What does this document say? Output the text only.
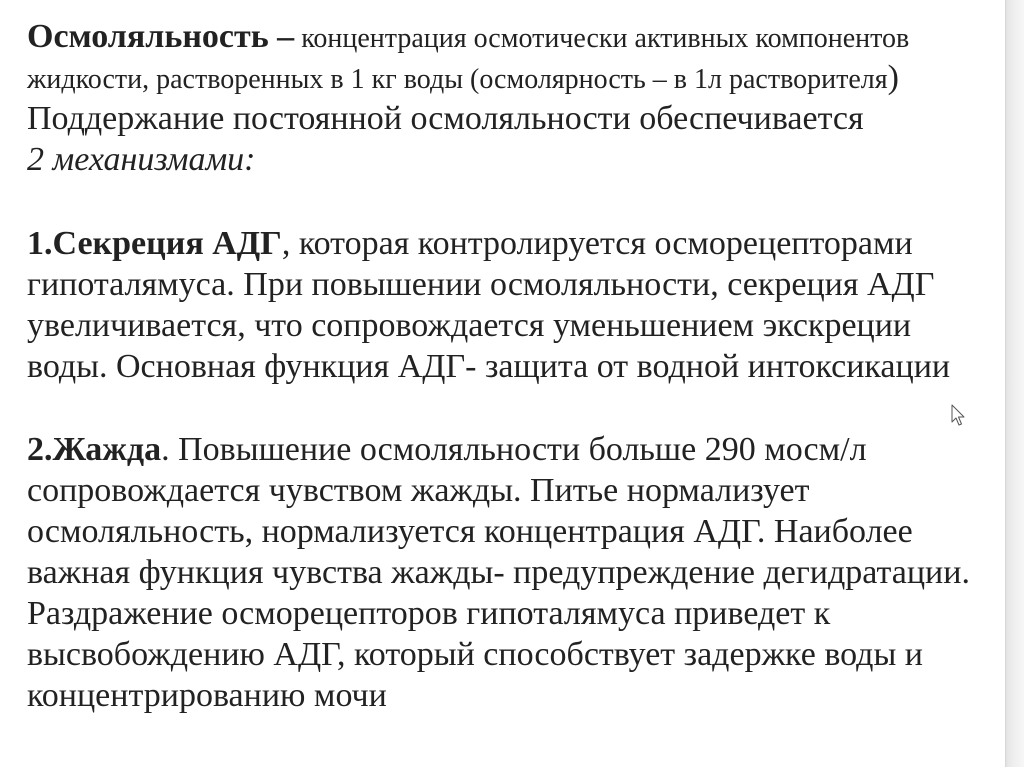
Осмоляльность – концентрация осмотически активных компонентов
жидкости, растворенных в 1 кг воды (осмолярность – в 1л растворителя)
Поддержание постоянной осмоляльности обеспечивается
2 механизмами:
1.Секреция АДГ, которая контролируется осморецепторами
гипоталямуса. При повышении осмоляльности, секреция АДГ
увеличивается, что сопровождается уменьшением экскреции
воды. Основная функция АДГ- защита от водной интоксикации
2.Жажда. Повышение осмоляльности больше 290 мосм/л
сопровождается чувством жажды. Питье нормализует
осмоляльность, нормализуется концентрация АДГ. Наиболее
важная функция чувства жажды- предупреждение дегидратации.
Раздражение осморецепторов гипоталямуса приведет к
высвобождению АДГ, который способствует задержке воды и
концентрированию мочи
